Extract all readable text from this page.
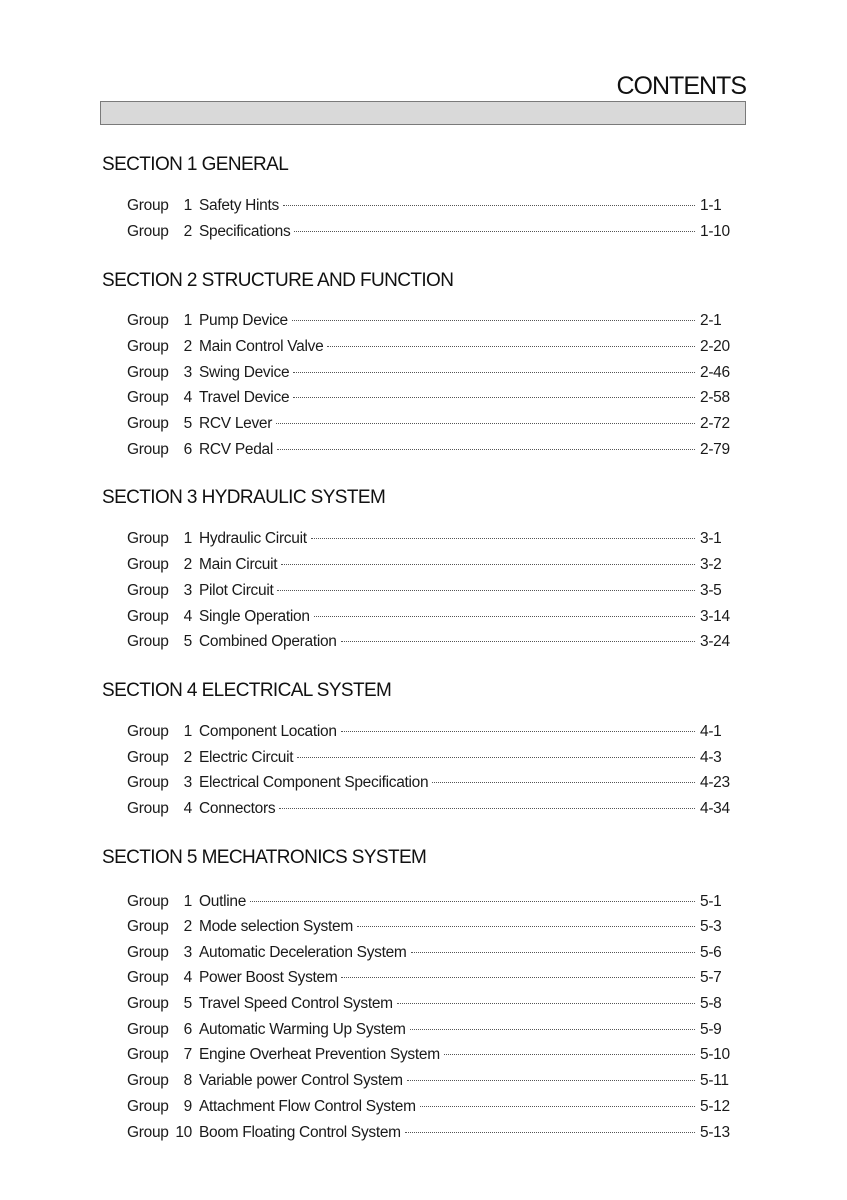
CONTENTS
SECTION 1 GENERAL
Group 1 Safety Hints	1-1
Group 2 Specifications	1-10
SECTION 2 STRUCTURE AND FUNCTION
Group 1 Pump Device	2-1
Group 2 Main Control Valve	2-20
Group 3 Swing Device	2-46
Group 4 Travel Device	2-58
Group 5 RCV Lever	2-72
Group 6 RCV Pedal	2-79
SECTION 3 HYDRAULIC SYSTEM
Group 1 Hydraulic Circuit	3-1
Group 2 Main Circuit	3-2
Group 3 Pilot Circuit	3-5
Group 4 Single Operation	3-14
Group 5 Combined Operation	3-24
SECTION 4 ELECTRICAL SYSTEM
Group 1 Component Location	4-1
Group 2 Electric Circuit	4-3
Group 3 Electrical Component Specification	4-23
Group 4 Connectors	4-34
SECTION 5 MECHATRONICS SYSTEM
Group 1 Outline	5-1
Group 2 Mode selection System	5-3
Group 3 Automatic Deceleration System	5-6
Group 4 Power Boost System	5-7
Group 5 Travel Speed Control System	5-8
Group 6 Automatic Warming Up System	5-9
Group 7 Engine Overheat Prevention System	5-10
Group 8 Variable power Control System	5-11
Group 9 Attachment Flow Control System	5-12
Group 10 Boom Floating Control System	5-13
